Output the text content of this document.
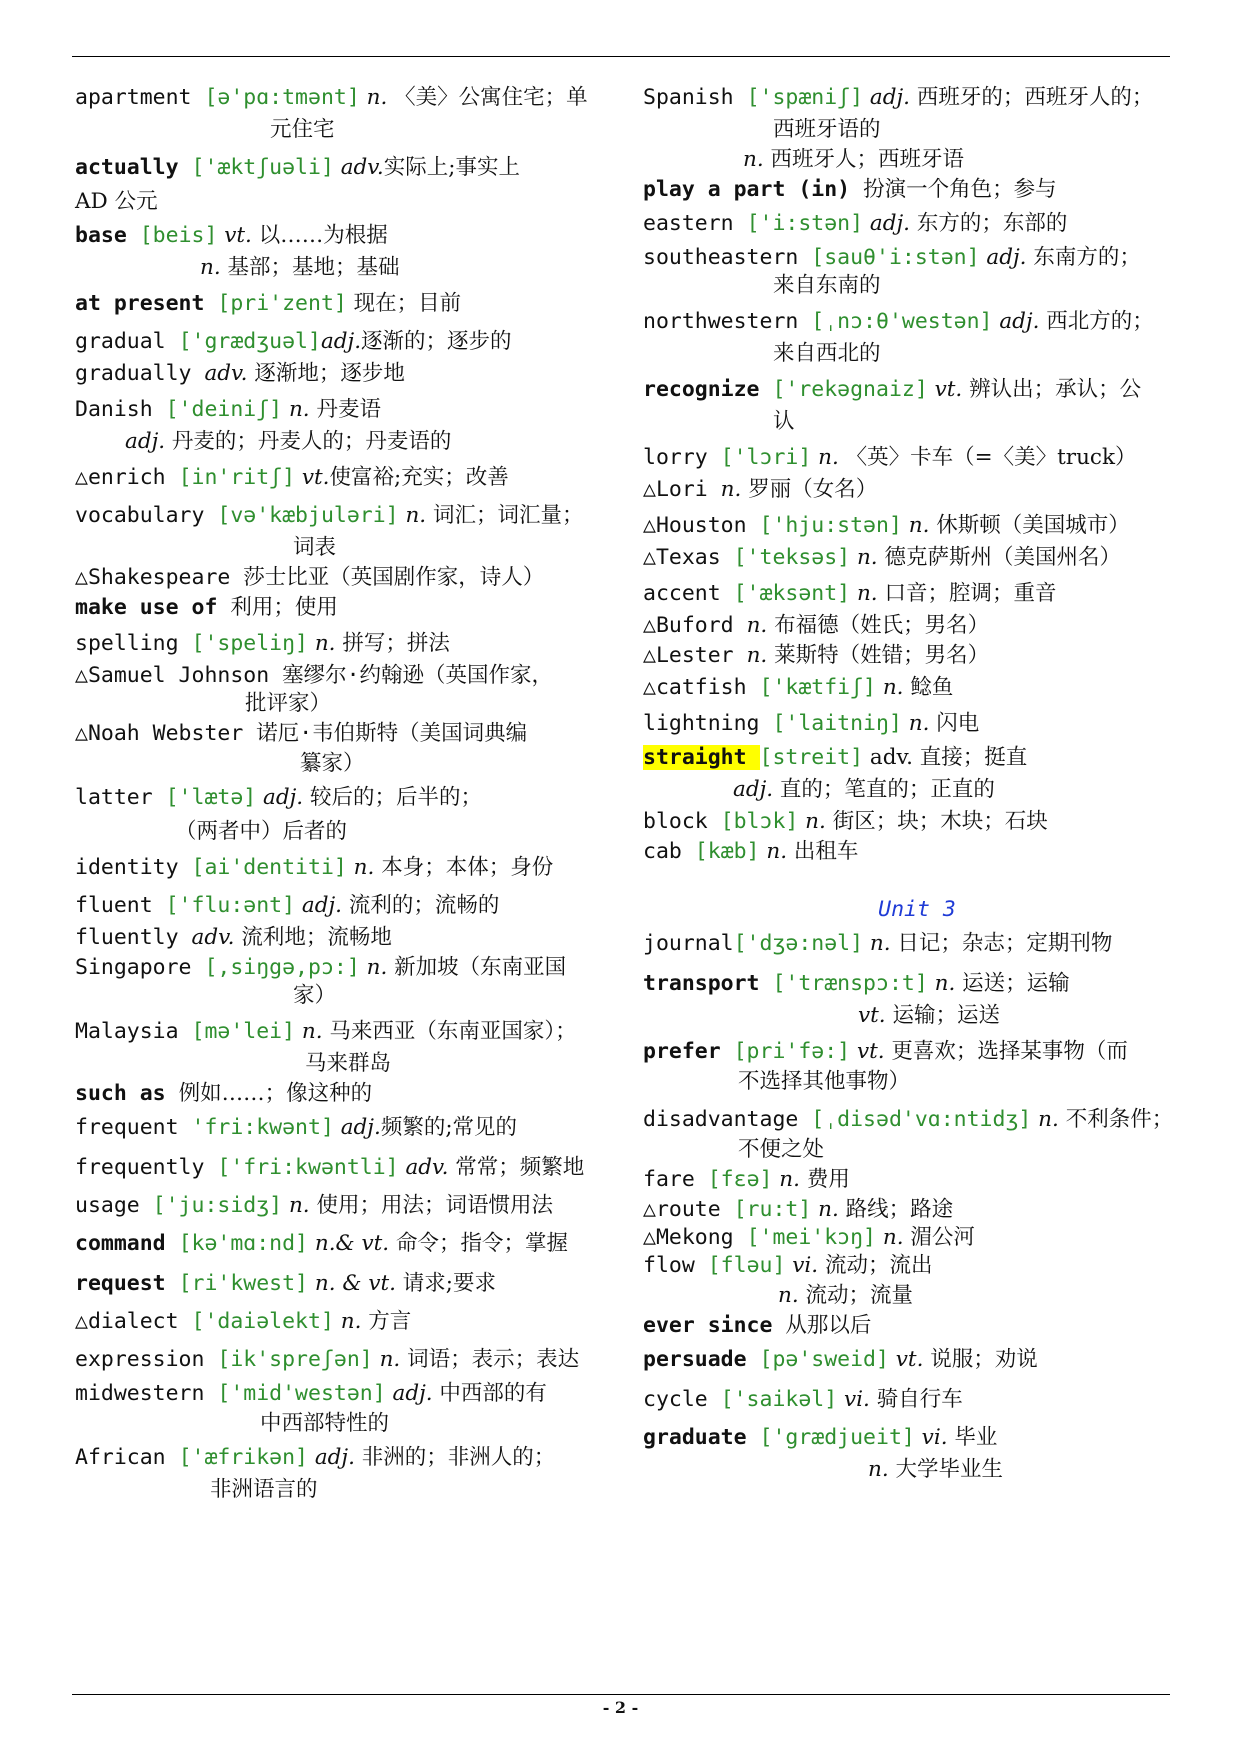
apartment [ə'pɑ:tmənt] n. 〈美〉公寓住宅；单
元住宅
actually ['æktʃuəli] adv.实际上;事实上
AD 公元
base [beis] vt. 以……为根据
n. 基部；基地；基础
at present [pri'zent] 现在；目前
gradual ['grædʒuəl]adj.逐渐的；逐步的
gradually adv. 逐渐地；逐步地
Danish ['deiniʃ] n. 丹麦语
adj. 丹麦的；丹麦人的；丹麦语的
△enrich [in'ritʃ] vt.使富裕;充实；改善
vocabulary [və'kæbjuləri] n. 词汇；词汇量；
词表
△Shakespeare 莎士比亚（英国剧作家，诗人）
make use of 利用；使用
spelling ['speliŋ] n. 拼写；拼法
△Samuel Johnson 塞缪尔·约翰逊（英国作家，
批评家）
△Noah Webster 诺厄·韦伯斯特（美国词典编
纂家）
latter ['lætə] adj. 较后的；后半的；
（两者中）后者的
identity [ai'dentiti] n. 本身；本体；身份
fluent ['flu:ənt] adj. 流利的；流畅的
fluently adv. 流利地；流畅地
Singapore [,siŋgə,pɔ:] n. 新加坡（东南亚国
家）
Malaysia [mə'lei] n. 马来西亚（东南亚国家）；
马来群岛
such as 例如……；像这种的
frequent 'fri:kwənt] adj.频繁的;常见的
frequently ['fri:kwəntli] adv. 常常；频繁地
usage ['ju:sidʒ] n. 使用；用法；词语惯用法
command [kə'mɑ:nd] n.& vt. 命令；指令；掌握
request [ri'kwest] n. & vt. 请求;要求
△dialect ['daiəlekt] n. 方言
expression [ik'spreʃən] n. 词语；表示；表达
midwestern ['mid'westən] adj. 中西部的有
中西部特性的
African ['æfrikən] adj. 非洲的；非洲人的；
非洲语言的
Spanish ['spæniʃ] adj. 西班牙的；西班牙人的；
西班牙语的
n. 西班牙人；西班牙语
play a part (in) 扮演一个角色；参与
eastern ['i:stən] adj. 东方的；东部的
southeastern [sauθ'i:stən] adj. 东南方的；
来自东南的
northwestern [ˌnɔ:θ'westən] adj. 西北方的；
来自西北的
recognize ['rekəgnaiz] vt. 辨认出；承认；公
认
lorry ['lɔri] n. 〈英〉卡车（=〈美〉truck）
△Lori n. 罗丽（女名）
△Houston ['hju:stən] n. 休斯顿（美国城市）
△Texas ['teksəs] n. 德克萨斯州（美国州名）
accent ['æksənt] n. 口音；腔调；重音
△Buford n. 布福德（姓氏；男名）
△Lester n. 莱斯特（姓错；男名）
△catfish ['kætfiʃ] n. 鲶鱼
lightning ['laitniŋ] n. 闪电
straight [streit] adv. 直接；挺直
adj. 直的；笔直的；正直的
block [blɔk] n. 街区；块；木块；石块
cab [kæb] n. 出租车
Unit 3
journal['dʒə:nəl] n. 日记；杂志；定期刊物
transport ['trænspɔ:t] n. 运送；运输
vt. 运输；运送
prefer [pri'fə:] vt. 更喜欢；选择某事物（而
不选择其他事物）
disadvantage [ˌdisəd'vɑ:ntidʒ] n. 不利条件；
不便之处
fare [fɛə] n. 费用
△route [ru:t] n. 路线；路途
△Mekong ['mei'kɔŋ] n. 湄公河
flow [fləu] vi. 流动；流出
n. 流动；流量
ever since 从那以后
persuade [pə'sweid] vt. 说服；劝说
cycle ['saikəl] vi. 骑自行车
graduate ['grædjueit] vi. 毕业
n. 大学毕业生
- 2 -
